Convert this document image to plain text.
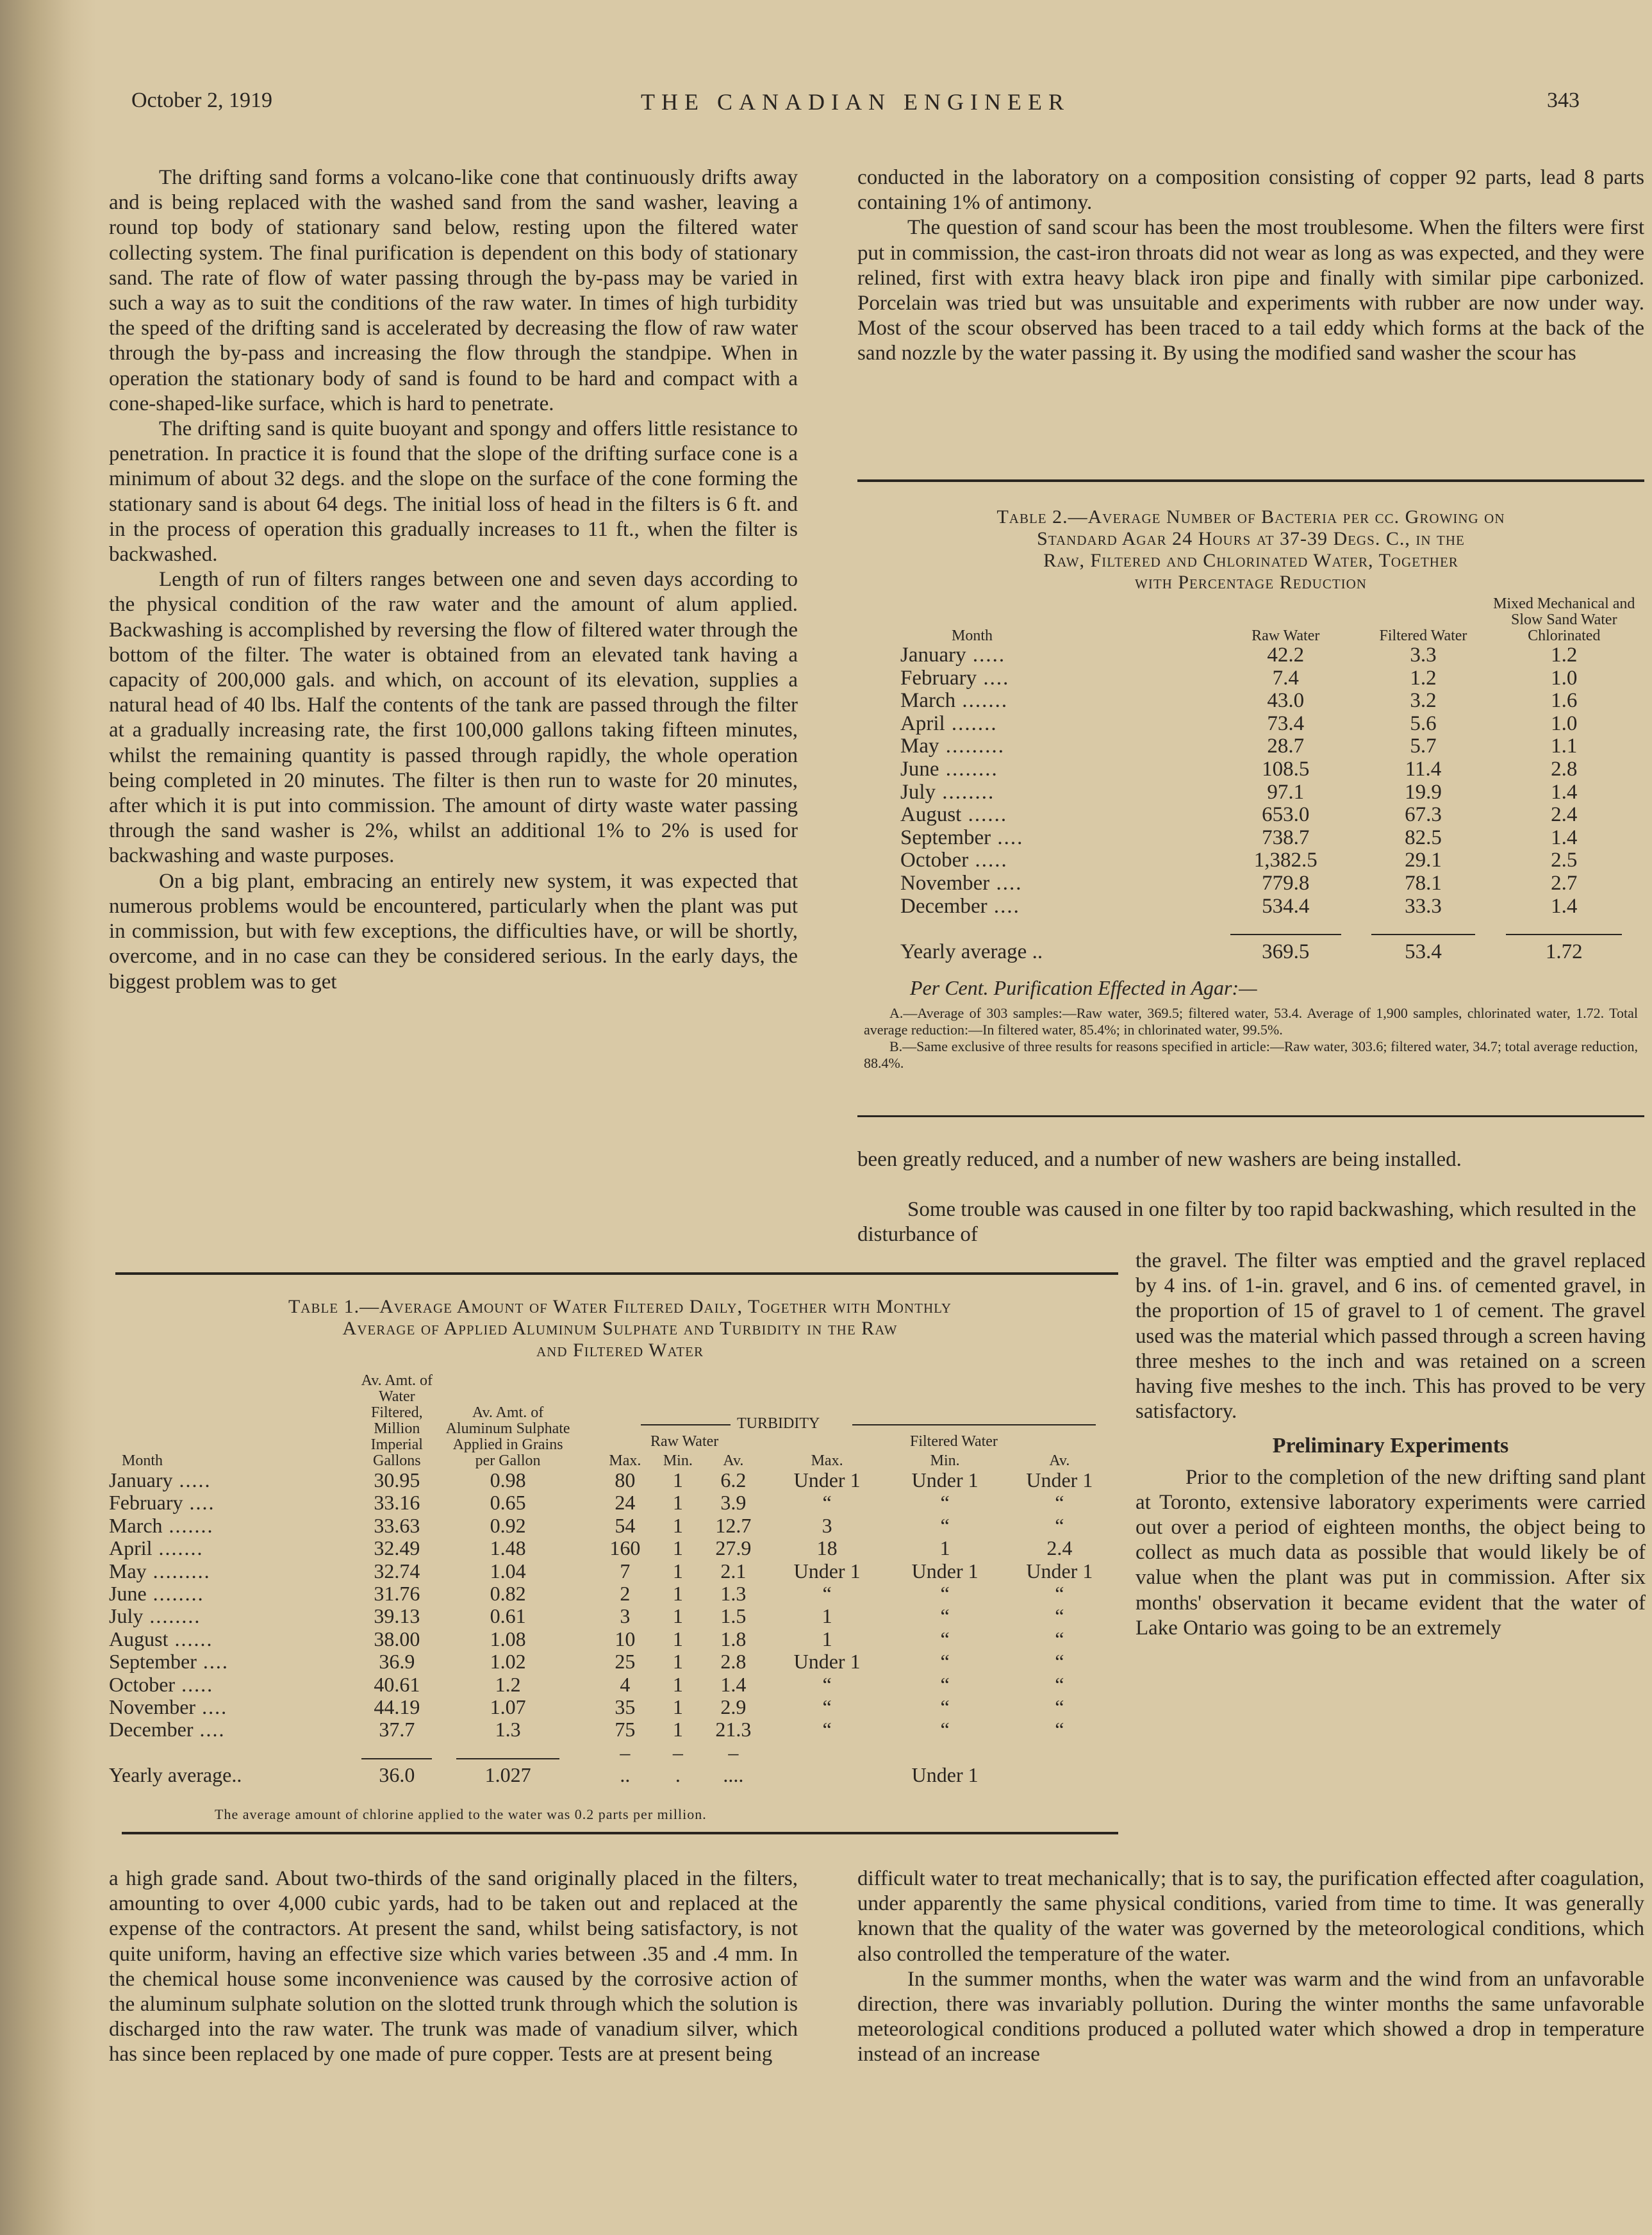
October 2, 1919	THE CANADIAN ENGINEER	343

The drifting sand forms a volcano-like cone that continuously drifts away and is being replaced with the washed sand from the sand washer, leaving a round top body of stationary sand below, resting upon the filtered water collecting system. The final purification is dependent on this body of stationary sand. The rate of flow of water passing through the by-pass may be varied in such a way as to suit the conditions of the raw water. In times of high turbidity the speed of the drifting sand is accelerated by decreasing the flow of raw water through the by-pass and increasing the flow through the standpipe. When in operation the stationary body of sand is found to be hard and compact with a cone-shaped-like surface, which is hard to penetrate.

The drifting sand is quite buoyant and spongy and offers little resistance to penetration. In practice it is found that the slope of the drifting surface cone is a minimum of about 32 degs. and the slope on the surface of the cone forming the stationary sand is about 64 degs. The initial loss of head in the filters is 6 ft. and in the process of operation this gradually increases to 11 ft., when the filter is backwashed.

Length of run of filters ranges between one and seven days according to the physical condition of the raw water and the amount of alum applied. Backwashing is accomplished by reversing the flow of filtered water through the bottom of the filter. The water is obtained from an elevated tank having a capacity of 200,000 gals. and which, on account of its elevation, supplies a natural head of 40 lbs. Half the contents of the tank are passed through the filter at a gradually increasing rate, the first 100,000 gallons taking fifteen minutes, whilst the remaining quantity is passed through rapidly, the whole operation being completed in 20 minutes. The filter is then run to waste for 20 minutes, after which it is put into commission. The amount of dirty waste water passing through the sand washer is 2%, whilst an additional 1% to 2% is used for backwashing and waste purposes.

On a big plant, embracing an entirely new system, it was expected that numerous problems would be encountered, particularly when the plant was put in commission, but with few exceptions, the difficulties have, or will be shortly, overcome, and in no case can they be considered serious. In the early days, the biggest problem was to get

conducted in the laboratory on a composition consisting of copper 92 parts, lead 8 parts containing 1% of antimony.

The question of sand scour has been the most troublesome. When the filters were first put in commission, the cast-iron throats did not wear as long as was expected, and they were relined, first with extra heavy black iron pipe and finally with similar pipe carbonized. Porcelain was tried but was unsuitable and experiments with rubber are now under way. Most of the scour observed has been traced to a tail eddy which forms at the back of the sand nozzle by the water passing it. By using the modified sand washer the scour has

Table 2.—Average Number of Bacteria per cc. Growing on
Standard Agar 24 Hours at 37-39 Degs. C., in the
Raw, Filtered and Chlorinated Water, Together
with Percentage Reduction
Month	Raw Water	Filtered Water	Mixed Mechanical and Slow Sand Water Chlorinated
January .....	42.2	3.3	1.2
February ....	7.4	1.2	1.0
March .......	43.0	3.2	1.6
April .......	73.4	5.6	1.0
May .........	28.7	5.7	1.1
June ........	108.5	11.4	2.8
July ........	97.1	19.9	1.4
August ......	653.0	67.3	2.4
September ....	738.7	82.5	1.4
October .....	1,382.5	29.1	2.5
November ....	779.8	78.1	2.7
December ....	534.4	33.3	1.4

Yearly average ..	369.5	53.4	1.72
Per Cent. Purification Effected in Agar:—

A.—Average of 303 samples:—Raw water, 369.5; filtered water, 53.4. Average of 1,900 samples, chlorinated water, 1.72. Total average reduction:—In filtered water, 85.4%; in chlorinated water, 99.5%.

B.—Same exclusive of three results for reasons specified in article:—Raw water, 303.6; filtered water, 34.7; total average reduction, 88.4%.

been greatly reduced, and a number of new washers are being installed.

Some trouble was caused in one filter by too rapid backwashing, which resulted in the disturbance of

the gravel. The filter was emptied and the gravel replaced by 4 ins. of 1-in. gravel, and 6 ins. of cemented gravel, in the proportion of 15 of gravel to 1 of cement. The gravel used was the material which passed through a screen having three meshes to the inch and was retained on a screen having five meshes to the inch. This has proved to be very satisfactory.

Preliminary Experiments

Prior to the completion of the new drifting sand plant at Toronto, extensive laboratory experiments were carried out over a period of eighteen months, the object being to collect as much data as possible that would likely be of value when the plant was put in commission. After six months' observation it became evident that the water of Lake Ontario was going to be an extremely

Table 1.—Average Amount of Water Filtered Daily, Together with Monthly
Average of Applied Aluminum Sulphate and Turbidity in the Raw
and Filtered Water
TURBIDITY
Raw Water	Filtered Water
Month	Av. Amt. of Water Filtered, Million Imperial Gallons	Av. Amt. of Aluminum Sulphate Applied in Grains per Gallon	Max.	Min.	Av.	Max.	Min.	Av.
January .....	30.95	0.98	80	1	6.2	Under 1	Under 1	Under 1
February ....	33.16	0.65	24	1	3.9	“	“	“
March .......	33.63	0.92	54	1	12.7	3	“	“
April .......	32.49	1.48	160	1	27.9	18	1	2.4
May .........	32.74	1.04	7	1	2.1	Under 1	Under 1	Under 1
June ........	31.76	0.82	2	1	1.3	“	“	“
July ........	39.13	0.61	3	1	1.5	1	“	“
August ......	38.00	1.08	10	1	1.8	1	“	“
September ....	36.9	1.02	25	1	2.8	Under 1	“	“
October .....	40.61	1.2	4	1	1.4	“	“	“
November ....	44.19	1.07	35	1	2.9	“	“	“
December ....	37.7	1.3	75	1	21.3	“	“	“
			–	–	–			
Yearly average..	36.0	1.027	..	.	....		Under 1	
The average amount of chlorine applied to the water was 0.2 parts per million.

a high grade sand. About two-thirds of the sand originally placed in the filters, amounting to over 4,000 cubic yards, had to be taken out and replaced at the expense of the contractors. At present the sand, whilst being satisfactory, is not quite uniform, having an effective size which varies between .35 and .4 mm. In the chemical house some inconvenience was caused by the corrosive action of the aluminum sulphate solution on the slotted trunk through which the solution is discharged into the raw water. The trunk was made of vanadium silver, which has since been replaced by one made of pure copper. Tests are at present being

difficult water to treat mechanically; that is to say, the purification effected after coagulation, under apparently the same physical conditions, varied from time to time. It was generally known that the quality of the water was governed by the meteorological conditions, which also controlled the temperature of the water.

In the summer months, when the water was warm and the wind from an unfavorable direction, there was invariably pollution. During the winter months the same unfavorable meteorological conditions produced a polluted water which showed a drop in temperature instead of an increase
